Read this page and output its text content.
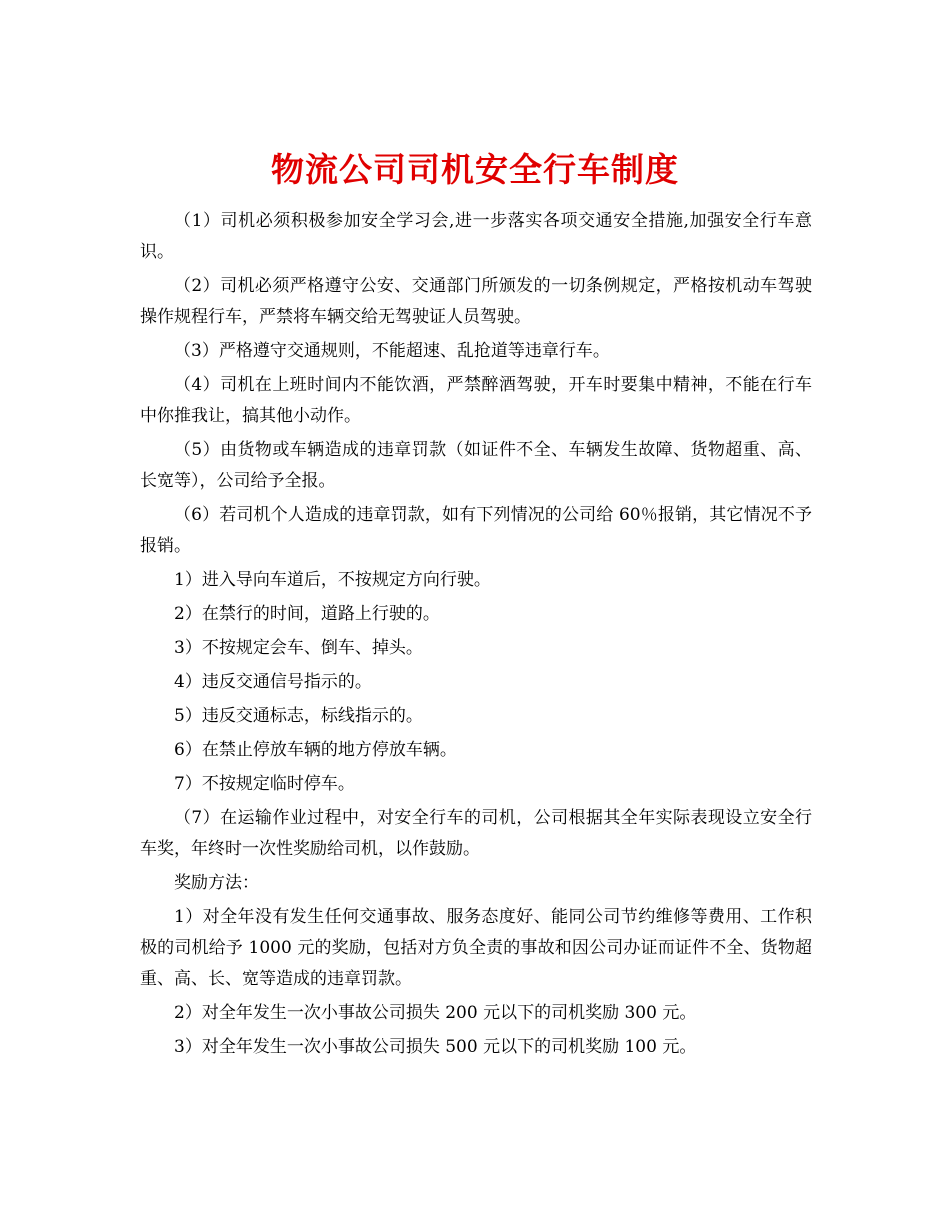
物流公司司机安全行车制度

（1）司机必须积极参加安全学习会,进一步落实各项交通安全措施,加强安全行车意识。

（2）司机必须严格遵守公安、交通部门所颁发的一切条例规定，严格按机动车驾驶操作规程行车，严禁将车辆交给无驾驶证人员驾驶。

（3）严格遵守交通规则，不能超速、乱抢道等违章行车。

（4）司机在上班时间内不能饮酒，严禁醉酒驾驶，开车时要集中精神，不能在行车中你推我让，搞其他小动作。

（5）由货物或车辆造成的违章罚款（如证件不全、车辆发生故障、货物超重、高、长宽等），公司给予全报。

（6）若司机个人造成的违章罚款，如有下列情况的公司给 60％报销，其它情况不予报销。

1）进入导向车道后，不按规定方向行驶。

2）在禁行的时间，道路上行驶的。

3）不按规定会车、倒车、掉头。

4）违反交通信号指示的。

5）违反交通标志，标线指示的。

6）在禁止停放车辆的地方停放车辆。

7）不按规定临时停车。

（7）在运输作业过程中，对安全行车的司机，公司根据其全年实际表现设立安全行车奖，年终时一次性奖励给司机，以作鼓励。

奖励方法：

1）对全年没有发生任何交通事故、服务态度好、能同公司节约维修等费用、工作积极的司机给予 1000 元的奖励，包括对方负全责的事故和因公司办证而证件不全、货物超重、高、长、宽等造成的违章罚款。

2）对全年发生一次小事故公司损失 200 元以下的司机奖励 300 元。

3）对全年发生一次小事故公司损失 500 元以下的司机奖励 100 元。
